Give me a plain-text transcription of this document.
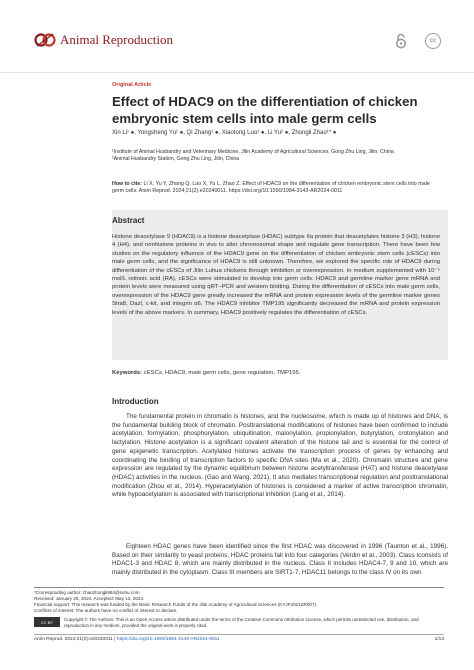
Animal Reproduction	cc
Original Article
Effect of HDAC9 on the differentiation of chicken embryonic stem cells into male germ cells
Xin Li¹ ●, Yongsheng Yu¹ ●, Qi Zhang¹ ●, Xiaotong Luo¹ ●, Li Yu² ●, Zhongli Zhao¹* ●
¹Institute of Animal Husbandry and Veterinary Medicine, Jilin Academy of Agricultural Sciences, Gong Zhu Ling, Jilin, China
²Animal Husbandry Station, Gong Zhu Ling, Jilin, China
How to cite: Li X, Yu Y, Zhang Q, Luo X, Yu L, Zhao Z. Effect of HDAC9 on the differentiation of chicken embryonic stem cells into male germ cells. Anim Reprod. 2024;21(2):e20240011. https://doi.org/10.1590/1984-3143-AR2024-0011
Abstract
Histone deacetylase 9 (HDAC9) is a histone deacetylase (HDAC) subtype IIa protein that deacetylates histone 3 (H3), histone 4 (H4), and nonhistone proteins in vivo to alter chromosomal shape and regulate gene transcription. There have been few studies on the regulatory influence of the HDAC9 gene on the differentiation of chicken embryonic stem cells (cESCs) into male germ cells, and the significance of HDAC9 is still unknown. Therefore, we explored the specific role of HDAC9 during differentiation of the cESCs of Jilin Luhua chickens through inhibition or overexpression. In medium supplemented with 10⁻⁵ mol/L retinoic acid (RA), cESCs were stimulated to develop into germ cells. HDAC9 and germline marker gene mRNA and protein levels were measured using qRT–PCR and western blotting. During the differentiation of cESCs into male germ cells, overexpression of the HDAC9 gene greatly increased the mRNA and protein expression levels of the germline marker genes Stra8, Dazl, c-kit, and integrin α6. The HDAC9 inhibitor TMP195 significantly decreased the mRNA and protein expression levels of the above markers. In summary, HDAC9 positively regulates the differentiation of cESCs.
Keywords: cESCs, HDAC9, male germ cells, gene regulation, TMP195.
Introduction
The fundamental protein in chromatin is histones, and the nucleosome, which is made up of histones and DNA, is the fundamental building block of chromatin. Posttranslational modifications of histones have been confirmed to include acetylation, formylation, phosphorylation, ubiquitination, malonylation, propionylation, butyrylation, crotonylation and lactylation. Histone acetylation is a significant covalent alteration of the histone tail and is essential for the control of gene epigenetic transcription. Acetylated histones activate the transcription process of genes by enhancing and coordinating the binding of transcription factors to specific DNA sites (Ma et al., 2020). Chromatin structure and gene expression are regulated by the dynamic equilibrium between histone acetyltransferase (HAT) and histone deacetylase (HDAC) activities in the nucleus. (Gao and Wang, 2021). It also mediates transcriptional regulation and posttranslational modification (Zhou et al., 2014). Hyperacetylation of histones is considered a marker of active transcription chromatin, while hypoacetylation is associated with transcriptional inhibition (Lang et al., 2014).
Eighteen HDAC genes have been identified since the first HDAC was discovered in 1996 (Taunton et al., 1996). Based on their similarity to yeast proteins, HDAC proteins fall into four categories (Verdin et al., 2003). Class Iconsists of HDAC1-3 and HDAC 8, which are mainly distributed in the nucleus. Class II includes HDAC4-7, 9 and 10, which are mainly distributed in the cytoplasm. Class III members are SIRT1-7, HDAC11 belongs to the class IV on its own
*Corresponding author: zhaozhongli954@sohu.com
Received: January 29, 2024. Accepted: May 13, 2024.
Financial support: This research was funded by the Basic Research Funds of the Jilin Academy of Agricultural Sciences (KYJF2021ZR007).
Conflicts of interest: The authors have no conflict of interest to declare.
CC BY	Copyright © The Authors. This is an Open Access article distributed under the terms of the Creative Commons Attribution License, which permits unrestricted use, distribution, and reproduction in any medium, provided the original work is properly cited.
Anim Reprod. 2024;21(2):e20240011 | https://doi.org/10.1590/1984-3143-AR2024-0011	1/13
